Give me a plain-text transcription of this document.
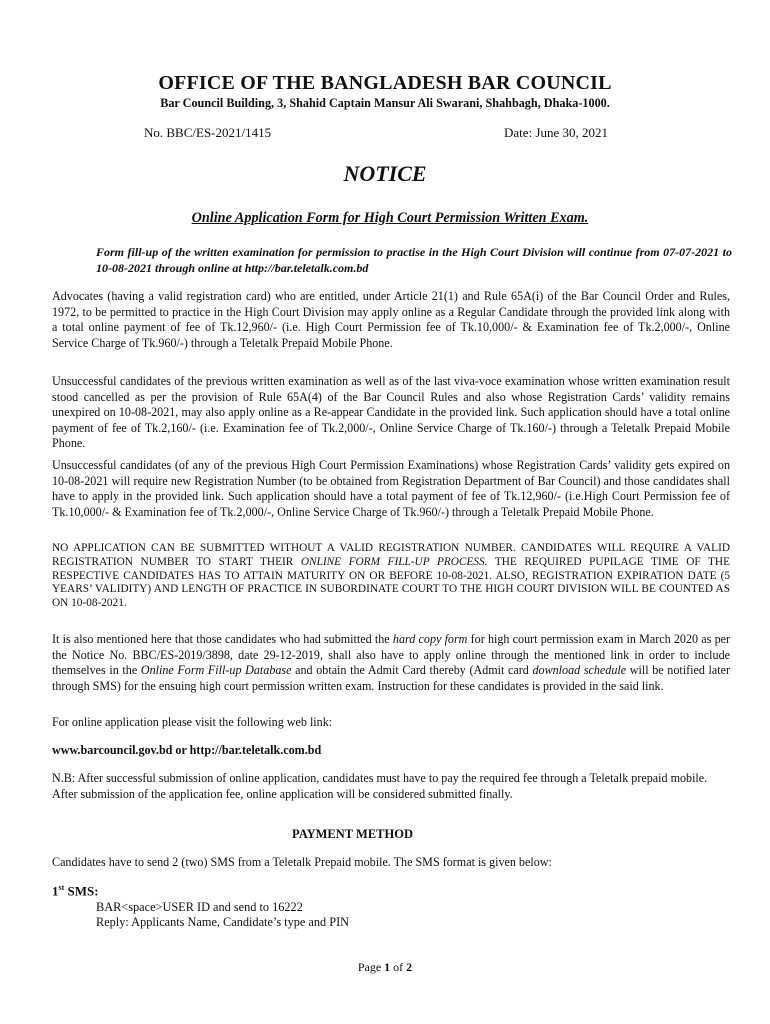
OFFICE OF THE BANGLADESH BAR COUNCIL
Bar Council Building, 3, Shahid Captain Mansur Ali Swarani, Shahbagh, Dhaka-1000.
No. BBC/ES-2021/1415	Date: June 30, 2021
NOTICE
Online Application Form for High Court Permission Written Exam.
Form fill-up of the written examination for permission to practise in the High Court Division will continue from 07-07-2021 to 10-08-2021 through online at http://bar.teletalk.com.bd

Advocates (having a valid registration card) who are entitled, under Article 21(1) and Rule 65A(i) of the Bar Council Order and Rules, 1972, to be permitted to practice in the High Court Division may apply online as a Regular Candidate through the provided link along with a total online payment of fee of Tk.12,960/- (i.e. High Court Permission fee of Tk.10,000/- & Examination fee of Tk.2,000/-, Online Service Charge of Tk.960/-) through a Teletalk Prepaid Mobile Phone.

Unsuccessful candidates of the previous written examination as well as of the last viva-voce examination whose written examination result stood cancelled as per the provision of Rule 65A(4) of the Bar Council Rules and also whose Registration Cards’ validity remains unexpired on 10-08-2021, may also apply online as a Re-appear Candidate in the provided link. Such application should have a total online payment of fee of Tk.2,160/- (i.e. Examination fee of Tk.2,000/-, Online Service Charge of Tk.160/-) through a Teletalk Prepaid Mobile Phone.

Unsuccessful candidates (of any of the previous High Court Permission Examinations) whose Registration Cards’ validity gets expired on 10-08-2021 will require new Registration Number (to be obtained from Registration Department of Bar Council) and those candidates shall have to apply in the provided link. Such application should have a total payment of fee of Tk.12,960/- (i.e.High Court Permission fee of Tk.10,000/- & Examination fee of Tk.2,000/-, Online Service Charge of Tk.960/-) through a Teletalk Prepaid Mobile Phone.

NO APPLICATION CAN BE SUBMITTED WITHOUT A VALID REGISTRATION NUMBER. CANDIDATES WILL REQUIRE A VALID REGISTRATION NUMBER TO START THEIR ONLINE FORM FILL-UP PROCESS. THE REQUIRED PUPILAGE TIME OF THE RESPECTIVE CANDIDATES HAS TO ATTAIN MATURITY ON OR BEFORE 10-08-2021. ALSO, REGISTRATION EXPIRATION DATE (5 YEARS’ VALIDITY) AND LENGTH OF PRACTICE IN SUBORDINATE COURT TO THE HIGH COURT DIVISION WILL BE COUNTED AS ON 10-08-2021.

It is also mentioned here that those candidates who had submitted the hard copy form for high court permission exam in March 2020 as per the Notice No. BBC/ES-2019/3898, date 29-12-2019, shall also have to apply online through the mentioned link in order to include themselves in the Online Form Fill-up Database and obtain the Admit Card thereby (Admit card download schedule will be notified later through SMS) for the ensuing high court permission written exam. Instruction for these candidates is provided in the said link.

For online application please visit the following web link:

www.barcouncil.gov.bd or http://bar.teletalk.com.bd

N.B: After successful submission of online application, candidates must have to pay the required fee through a Teletalk prepaid mobile. After submission of the application fee, online application will be considered submitted finally.

PAYMENT METHOD

Candidates have to send 2 (two) SMS from a Teletalk Prepaid mobile. The SMS format is given below:

1st SMS:
BAR<space>USER ID and send to 16222
Reply: Applicants Name, Candidate’s type and PIN
Page 1 of 2
